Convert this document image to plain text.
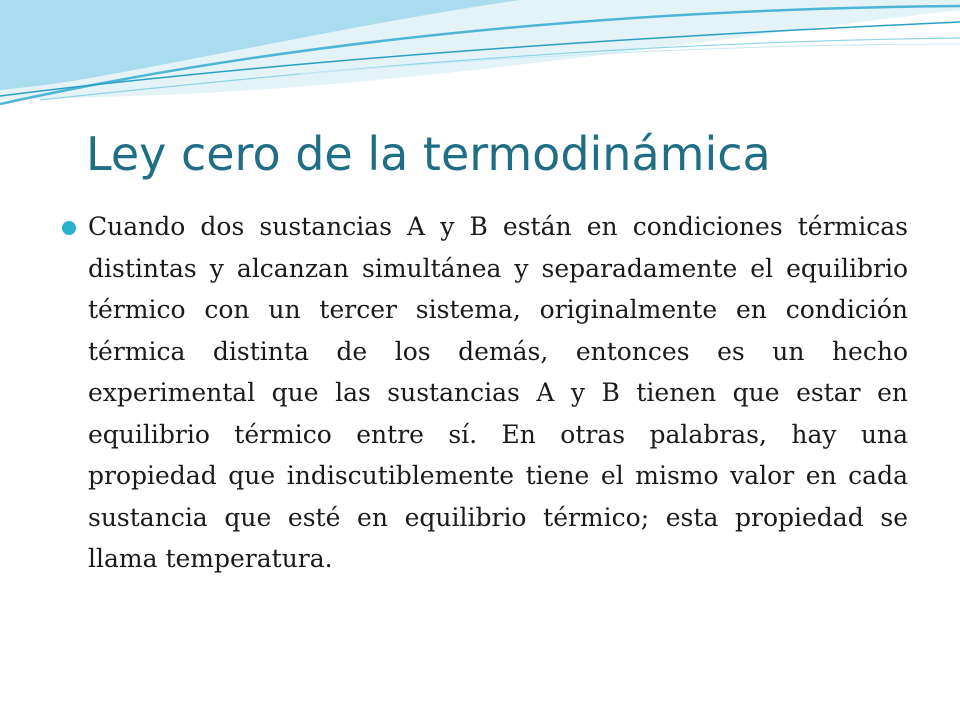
Ley cero de la termodinámica
Cuando dos sustancias A y B están en condiciones térmicas distintas y alcanzan simultánea y separadamente el equilibrio térmico con un tercer sistema, originalmente en condición térmica distinta de los demás, entonces es un hecho experimental que las sustancias A y B tienen que estar en equilibrio térmico entre sí. En otras palabras, hay una propiedad que indiscutiblemente tiene el mismo valor en cada sustancia que esté en equilibrio térmico; esta propiedad se llama temperatura.
